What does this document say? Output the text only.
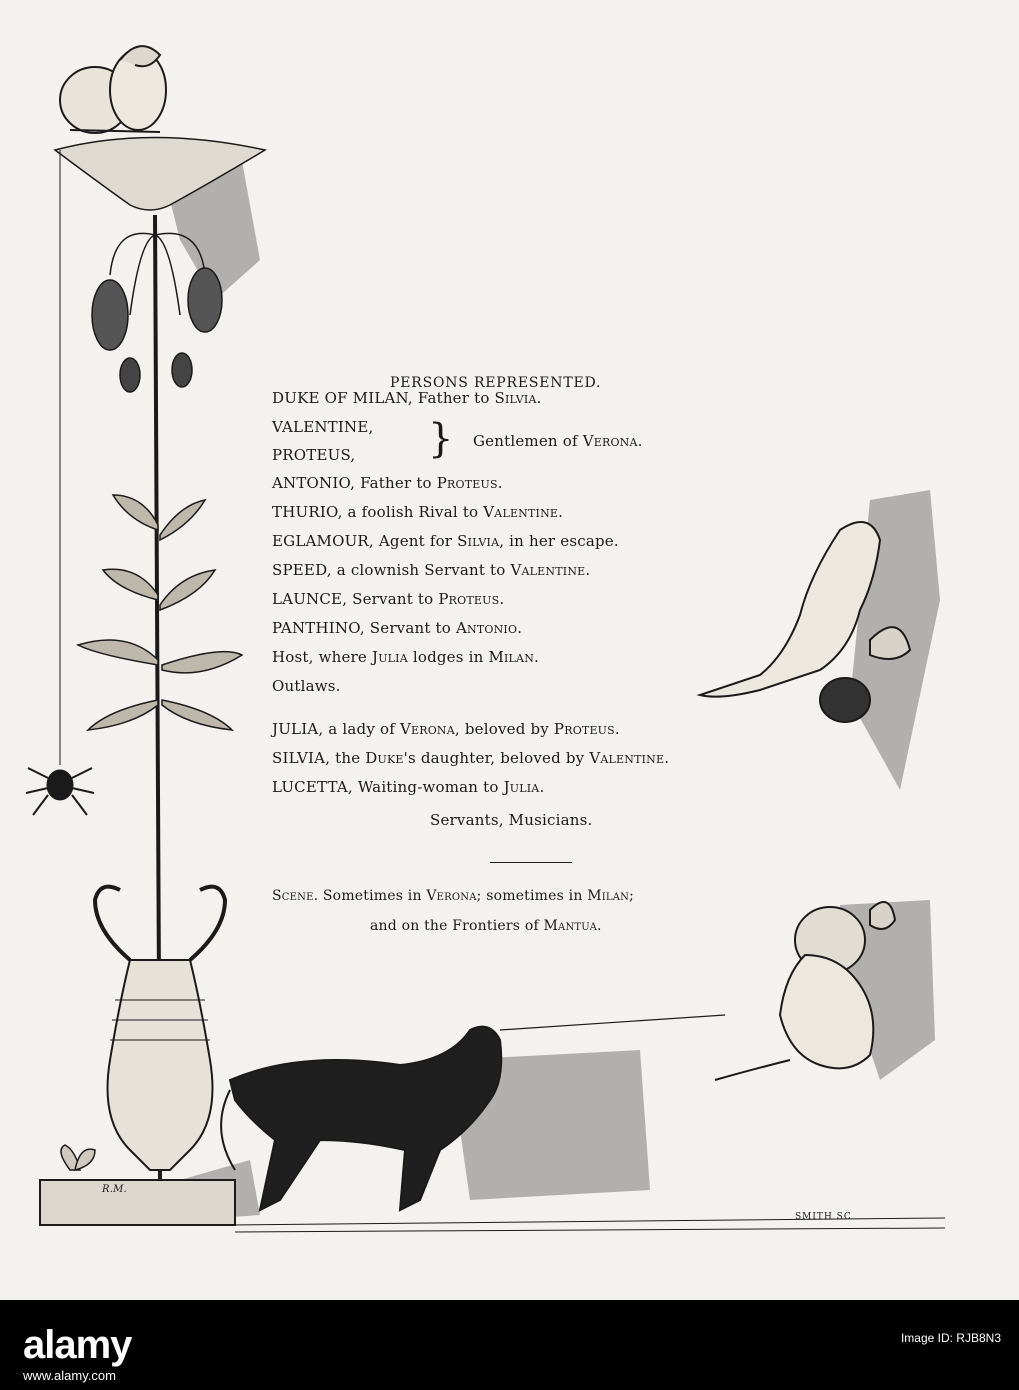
PERSONS REPRESENTED.
DUKE OF MILAN, Father to Silvia.
VALENTINE,
PROTEUS, } Gentlemen of Verona.
ANTONIO, Father to Proteus.
THURIO, a foolish Rival to Valentine.
EGLAMOUR, Agent for Silvia, in her escape.
SPEED, a clownish Servant to Valentine.
LAUNCE, Servant to Proteus.
PANTHINO, Servant to Antonio.
Host, where Julia lodges in Milan.
Outlaws.
JULIA, a lady of Verona, beloved by Proteus.
SILVIA, the Duke's daughter, beloved by Valentine.
LUCETTA, Waiting-woman to Julia.
Servants, Musicians.
Scene. Sometimes in Verona; sometimes in Milan;
and on the Frontiers of Mantua.
R.M.
SMITH SC
alamy
www.alamy.com
Image ID: RJB8N3
